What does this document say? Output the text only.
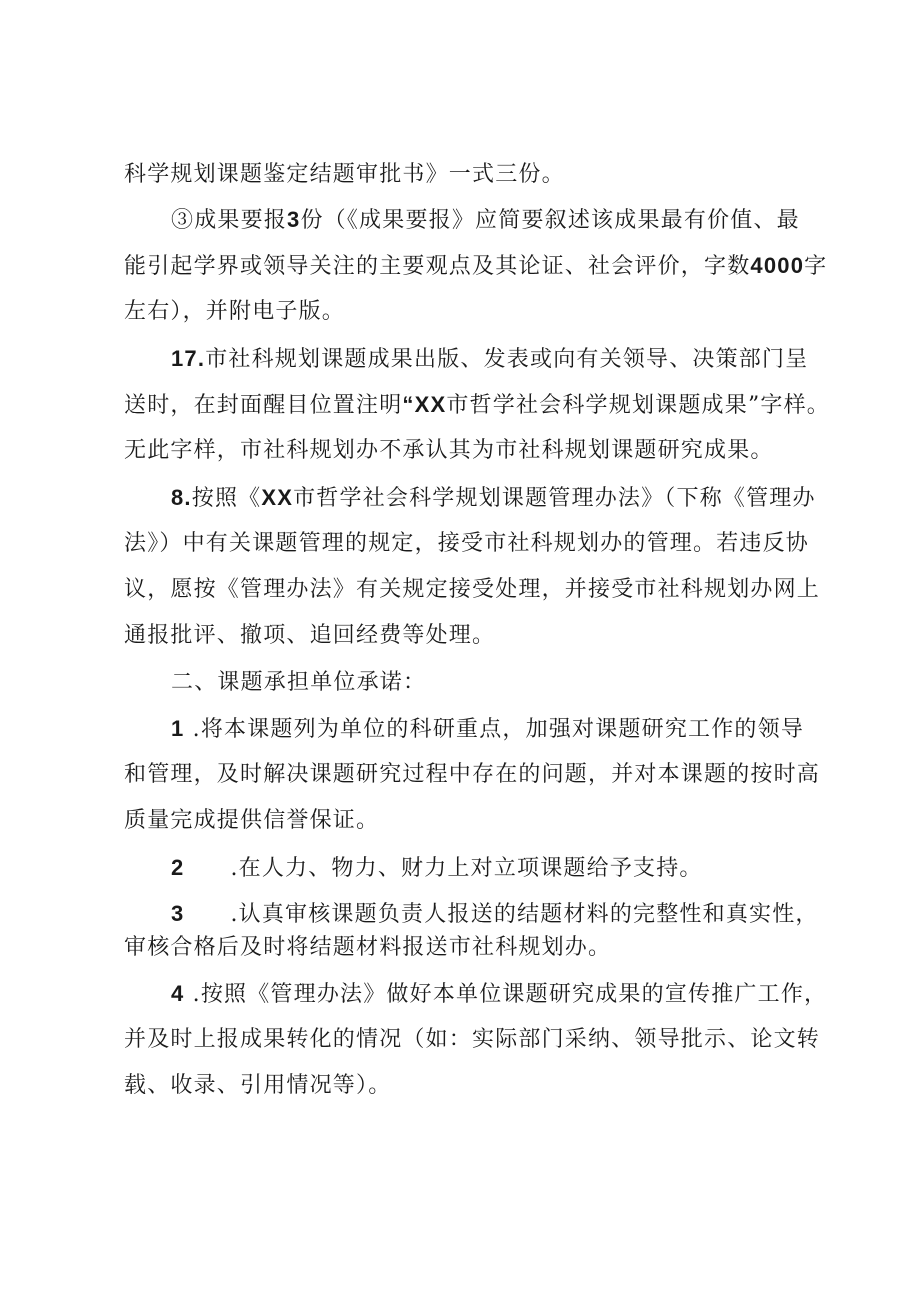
科学规划课题鉴定结题审批书》一式三份。
③成果要报3份（《成果要报》应简要叙述该成果最有价值、最
能引起学界或领导关注的主要观点及其论证、社会评价，字数4000字
左右），并附电子版。
17.市社科规划课题成果出版、发表或向有关领导、决策部门呈
送时，在封面醒目位置注明“XX市哲学社会科学规划课题成果”字样。
无此字样，市社科规划办不承认其为市社科规划课题研究成果。
8.按照《XX市哲学社会科学规划课题管理办法》（下称《管理办
法》）中有关课题管理的规定，接受市社科规划办的管理。若违反协
议，愿按《管理办法》有关规定接受处理，并接受市社科规划办网上
通报批评、撤项、追回经费等处理。
二、课题承担单位承诺：
1 .将本课题列为单位的科研重点，加强对课题研究工作的领导
和管理，及时解决课题研究过程中存在的问题，并对本课题的按时高
质量完成提供信誉保证。
2 .在人力、物力、财力上对立项课题给予支持。
3 .认真审核课题负责人报送的结题材料的完整性和真实性，
审核合格后及时将结题材料报送市社科规划办。
4 .按照《管理办法》做好本单位课题研究成果的宣传推广工作，
并及时上报成果转化的情况（如：实际部门采纳、领导批示、论文转
载、收录、引用情况等）。
